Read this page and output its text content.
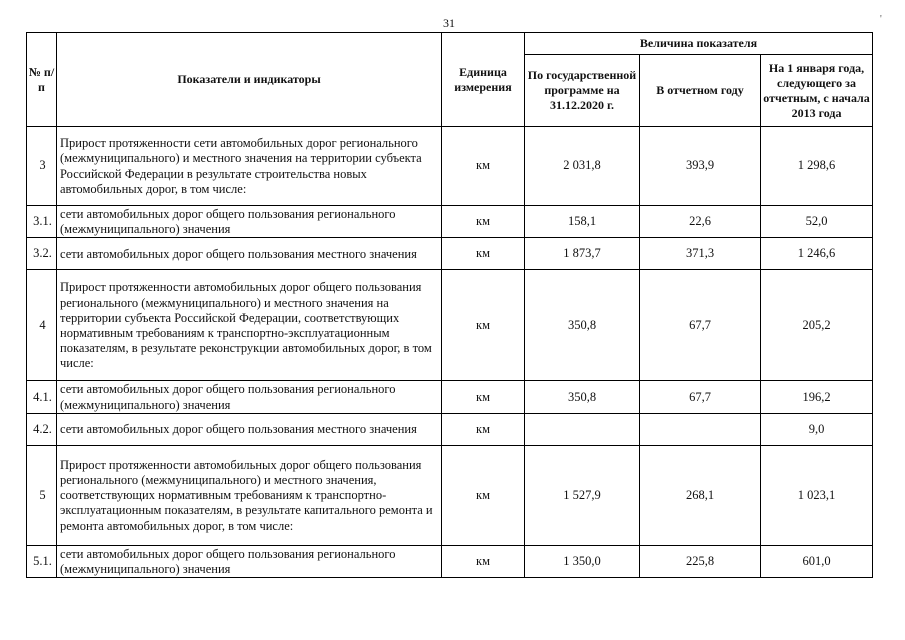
31	'
№ п/п	Показатели и индикаторы	Единица измерения	Величина показателя		
			По государственной программе на 31.12.2020 г.	В отчетном году	На 1 января года, следующего за отчетным, с начала 2013 года
3	Прирост протяженности сети автомобильных дорог регионального (межмуниципального) и местного значения на территории субъекта Российской Федерации в результате строительства новых автомобильных дорог, в том числе:	км	2 031,8	393,9	1 298,6
3.1.	сети автомобильных дорог общего пользования регионального (межмуниципального) значения	км	158,1	22,6	52,0
3.2.	сети автомобильных дорог общего пользования местного значения	км	1 873,7	371,3	1 246,6
4	Прирост протяженности автомобильных дорог общего пользования регионального (межмуниципального) и местного значения на территории субъекта Российской Федерации, соответствующих нормативным требованиям к транспортно-эксплуатационным показателям, в результате реконструкции автомобильных дорог, в том числе:	км	350,8	67,7	205,2
4.1.	сети автомобильных дорог общего пользования регионального (межмуниципального) значения	км	350,8	67,7	196,2
4.2.	сети автомобильных дорог общего пользования местного значения	км			9,0
5	Прирост протяженности автомобильных дорог общего пользования регионального (межмуниципального) и местного значения, соответствующих нормативным требованиям к транспортно-эксплуатационным показателям, в результате капитального ремонта и ремонта автомобильных дорог, в том числе:	км	1 527,9	268,1	1 023,1
5.1.	сети автомобильных дорог общего пользования регионального (межмуниципального) значения	км	1 350,0	225,8	601,0
